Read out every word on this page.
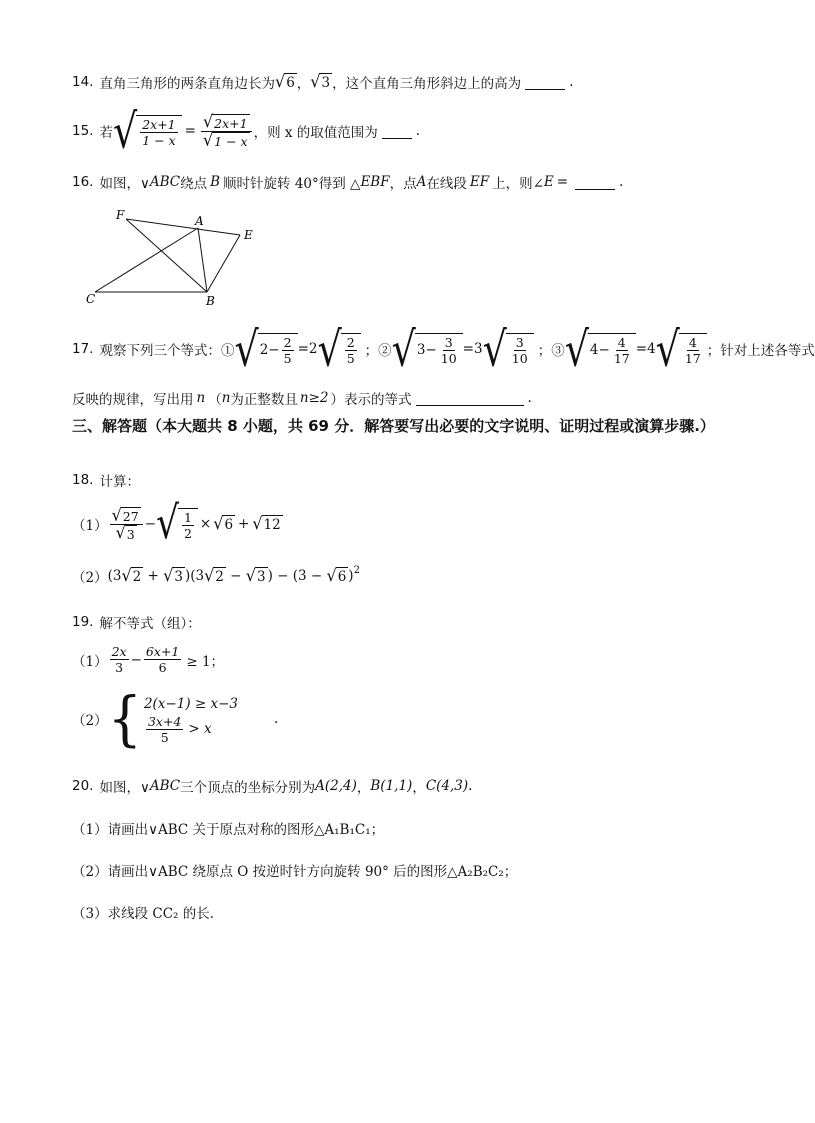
14. 直角三角形的两条直角边长为 √ 6 ， √ 3 ，这个直角三角形斜边上的高为	.
15. 若 √ $\frac{2x+1}{1 - x} = \frac{√ 2x+1}{√ 1 - x}$ ，则 x 的取值范围为	.
16. 如图，∨ ABC 绕点 B 顺时针旋转 40°得到 △ EBF ，点 A 在线段 EF 上，则∠ E =	.
F	A
E
C	B
17. 观察下列三个等式：① √ $2 - \frac{2}{5} = 2$ √ $\frac{2}{5}$ ；② √ $3 - \frac{3}{10} = 3$ √ $\frac{3}{10}$ ；③ √ $4 - \frac{4}{17} = 4$ √ $\frac{4}{17}$ ；针对上述各等式
反映的规律，写出用 n （ n 为正整数且 n≥2 ）表示的等式	.
三、解答题（本大题共 8 小题，共 69 分．解答要写出必要的文字说明、证明过程或演算步骤.）
18. 计算：
$(1) \frac{√ 27}{√ 3}$ − √ $\frac{1}{2}$ × √ 6 + √ 12
（2） (3 √ 2 + √ 3 )(3 √ 2 − √ 3 ) − (3 − √ 6 )$^2$
19. 解不等式（组）：
$(1) \frac{2x}{3} - \frac{6x+1}{6} \ge 1$；
（2） { 2(x−1) ≥ x−3
$\frac{3x+4}{5} > x$
.
20. 如图，∨ ABC 三个顶点的坐标分别为 A(2,4) ， B(1,1) ， C(4,3) .
（1）请画出∨ABC 关于原点对称的图形△A₁B₁C₁；
（2）请画出∨ABC 绕原点 O 按逆时针方向旋转 90° 后的图形△A₂B₂C₂；
（3）求线段 CC₂ 的长．
